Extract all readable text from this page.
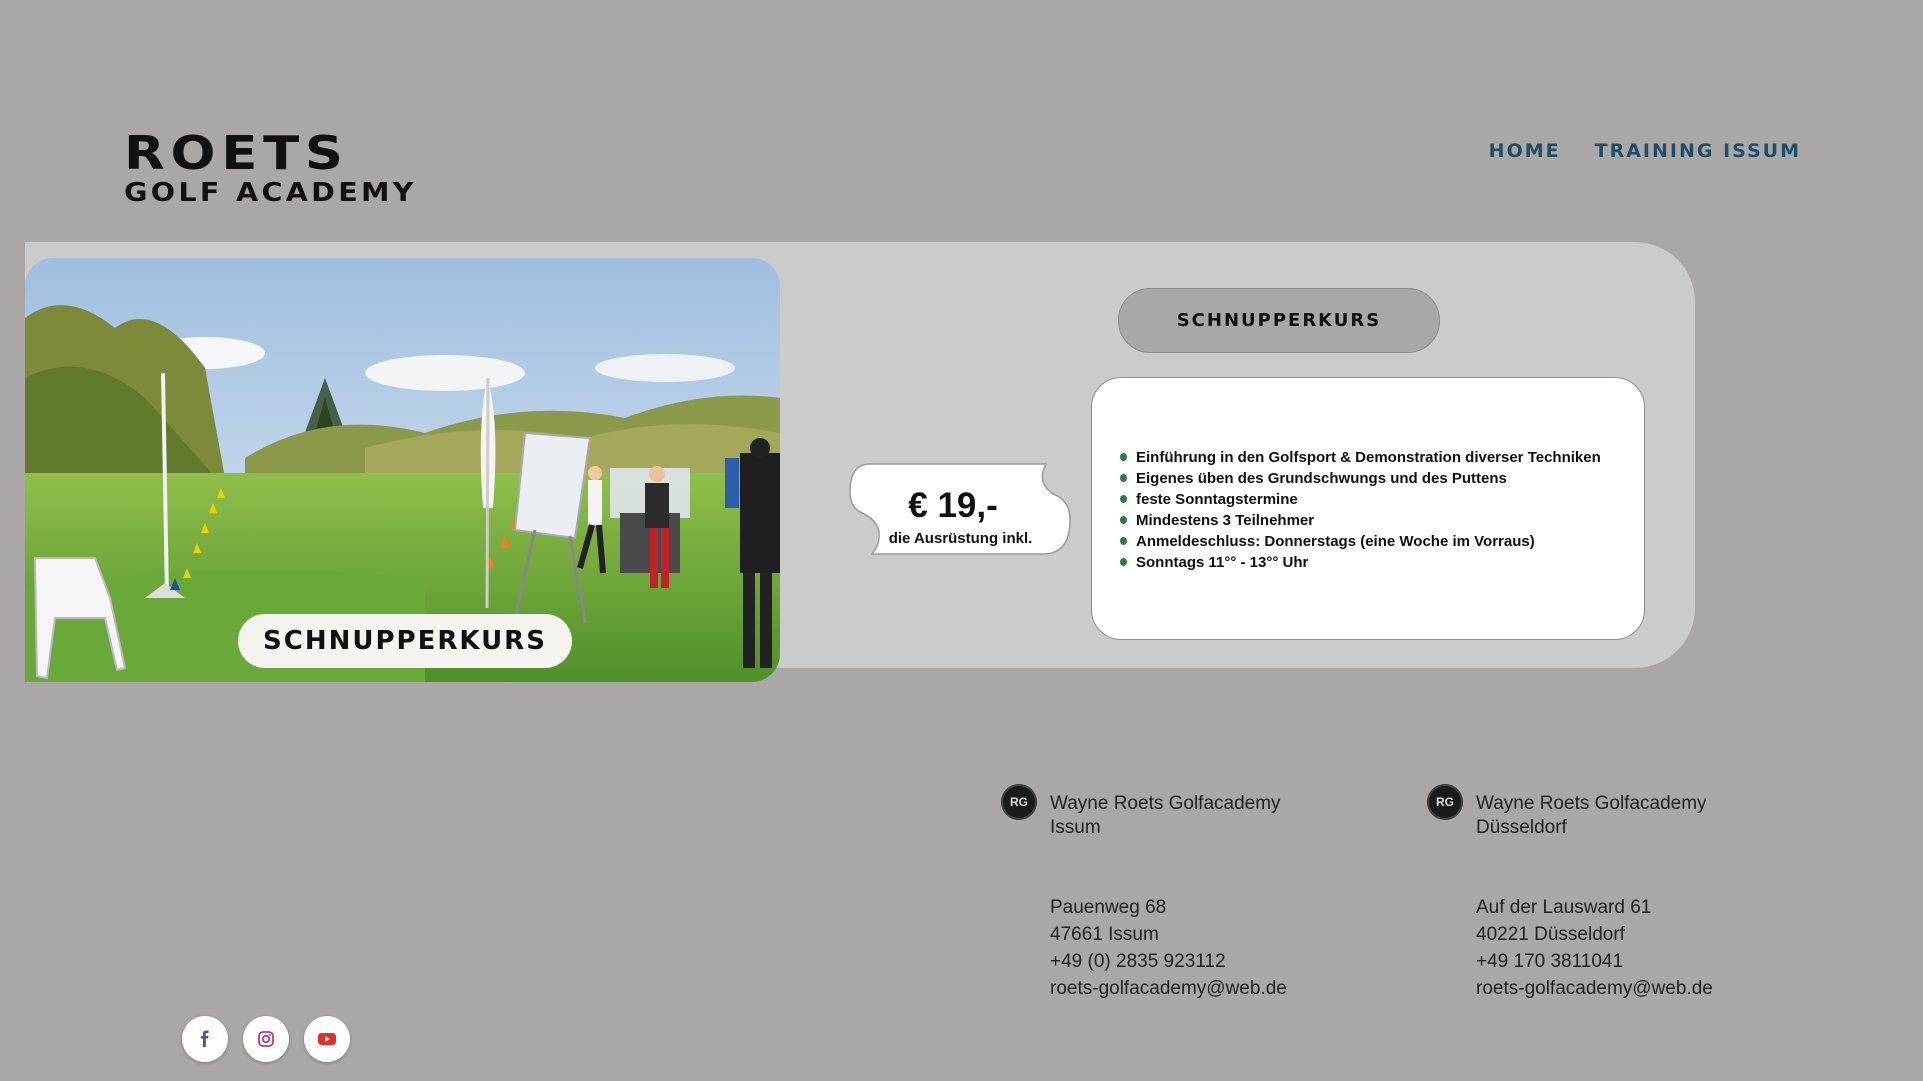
ROETS
GOLF ACADEMY
HOME TRAINING ISSUM
SCHNUPPERKURS
SCHNUPPERKURS
€ 19,-
die Ausrüstung inkl.
Einführung in den Golfsport & Demonstration diverser Techniken
Eigenes üben des Grundschwungs und des Puttens
feste Sonntagstermine
Mindestens 3 Teilnehmer
Anmeldeschluss: Donnerstags (eine Woche im Vorraus)
Sonntags 11°° - 13°° Uhr
RG	Wayne Roets Golfacademy
Issum
Pauenweg 68
47661 Issum
+49 (0) 2835 923112
roets-golfacademy@web.de
RG	Wayne Roets Golfacademy
Düsseldorf
Auf der Lausward 61
40221 Düsseldorf
+49 170 3811041
roets-golfacademy@web.de
